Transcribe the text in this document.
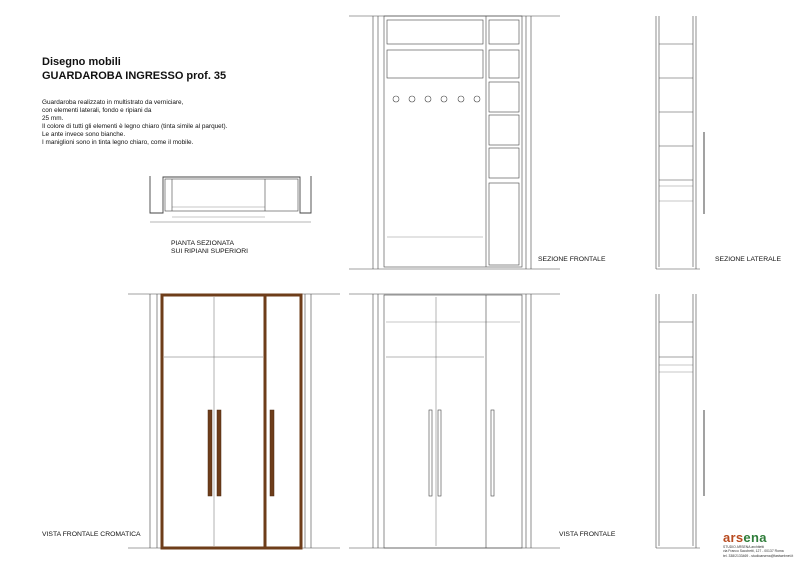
Disegno mobili
GUARDAROBA INGRESSO prof. 35
Guardaroba realizzato in multistrato da verniciare,
con elementi laterali, fondo e ripiani da
25 mm.
Il colore di tutti gli elementi è legno chiaro (tinta simile al parquet).
Le ante invece sono bianche.
I maniglioni sono in tinta legno chiaro, come il mobile.
PIANTA SEZIONATA
SUI RIPIANI SUPERIORI
SEZIONE FRONTALE	SEZIONE LATERALE
VISTA FRONTALE CROMATICA	VISTA FRONTALE	arsena
STUDIO ARSENA architetti
via Franco Sacchetti, 127 - 00137 Roma
tel. 338/2133469 - studioarsena@fastwebnet.it
